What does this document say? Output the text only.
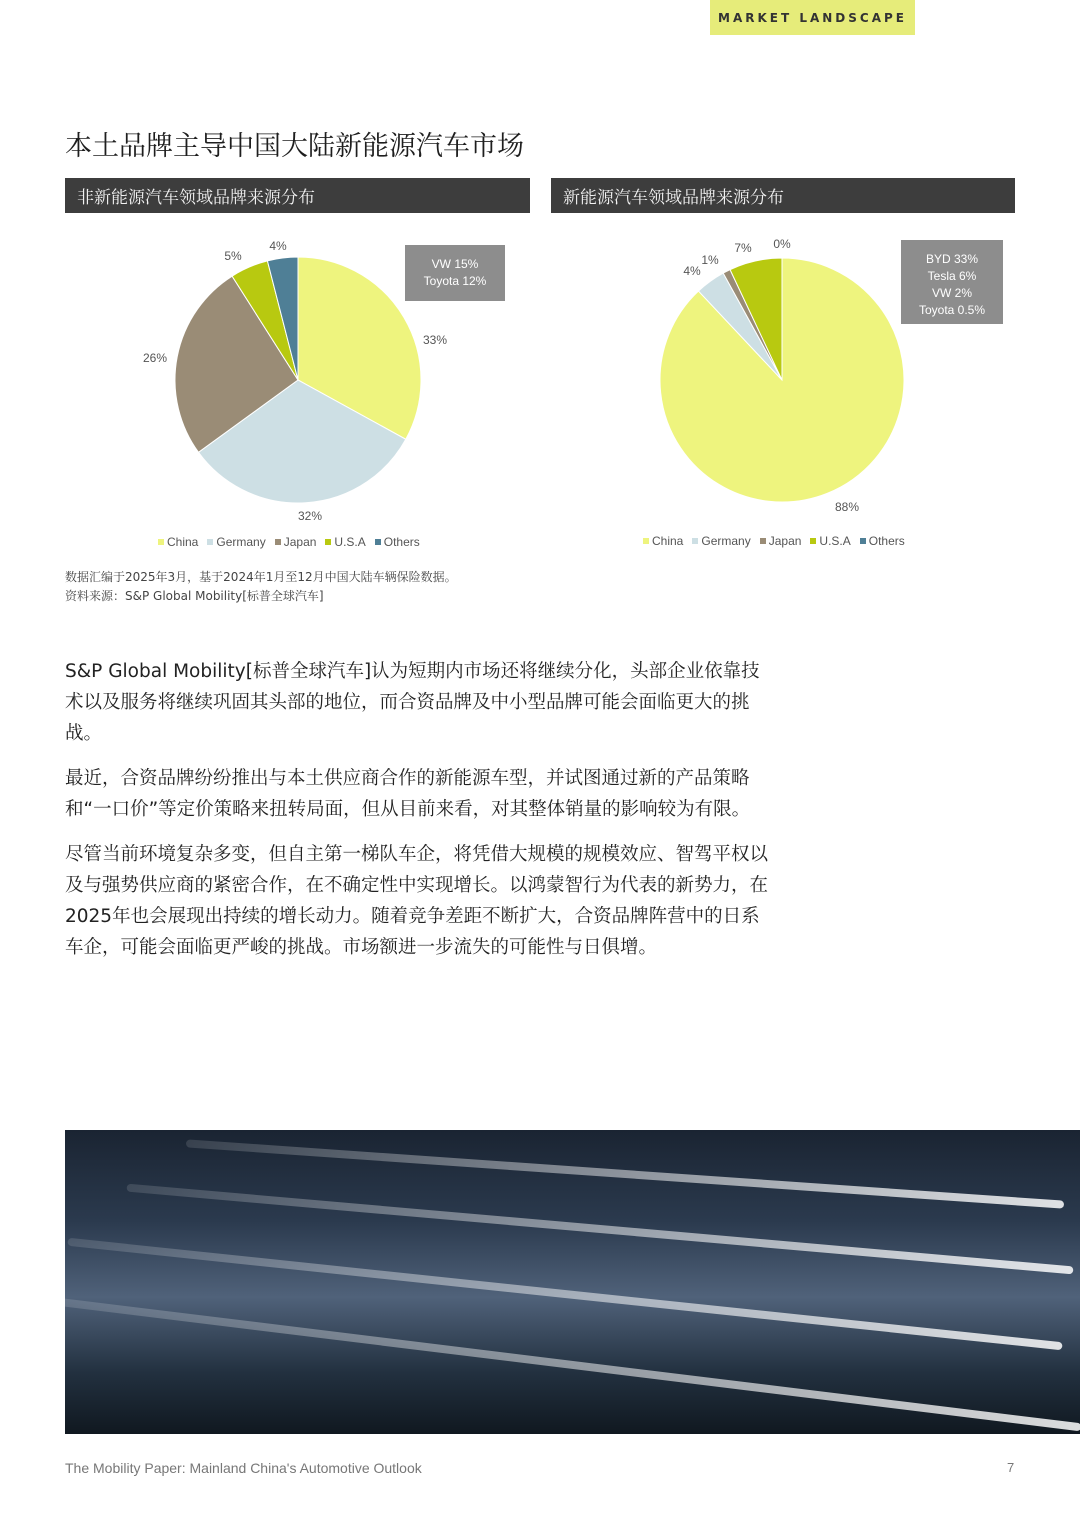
MARKET LANDSCAPE
本土品牌主导中国大陆新能源汽车市场
非新能源汽车领域品牌来源分布
33%
32%
26%
5%
4%
VW 15%
Toyota 12%
China Germany Japan U.S.A Others
新能源汽车领域品牌来源分布
88%
4%
1%
7% 0%
BYD 33%
Tesla 6%
VW 2%
Toyota 0.5%
China Germany Japan U.S.A Others
数据汇编于2025年3月，基于2024年1月至12月中国大陆车辆保险数据。
资料来源：S&P Global Mobility[标普全球汽车]

S&P Global Mobility[标普全球汽车]认为短期内市场还将继续分化，头部企业依靠技术以及服务将继续巩固其头部的地位，而合资品牌及中小型品牌可能会面临更大的挑战。

最近，合资品牌纷纷推出与本土供应商合作的新能源车型，并试图通过新的产品策略和“一口价”等定价策略来扭转局面，但从目前来看，对其整体销量的影响较为有限。

尽管当前环境复杂多变，但自主第一梯队车企，将凭借大规模的规模效应、智驾平权以及与强势供应商的紧密合作，在不确定性中实现增长。以鸿蒙智行为代表的新势力，在2025年也会展现出持续的增长动力。随着竞争差距不断扩大，合资品牌阵营中的日系车企，可能会面临更严峻的挑战。市场额进一步流失的可能性与日俱增。

The Mobility Paper: Mainland China's Automotive Outlook	7
